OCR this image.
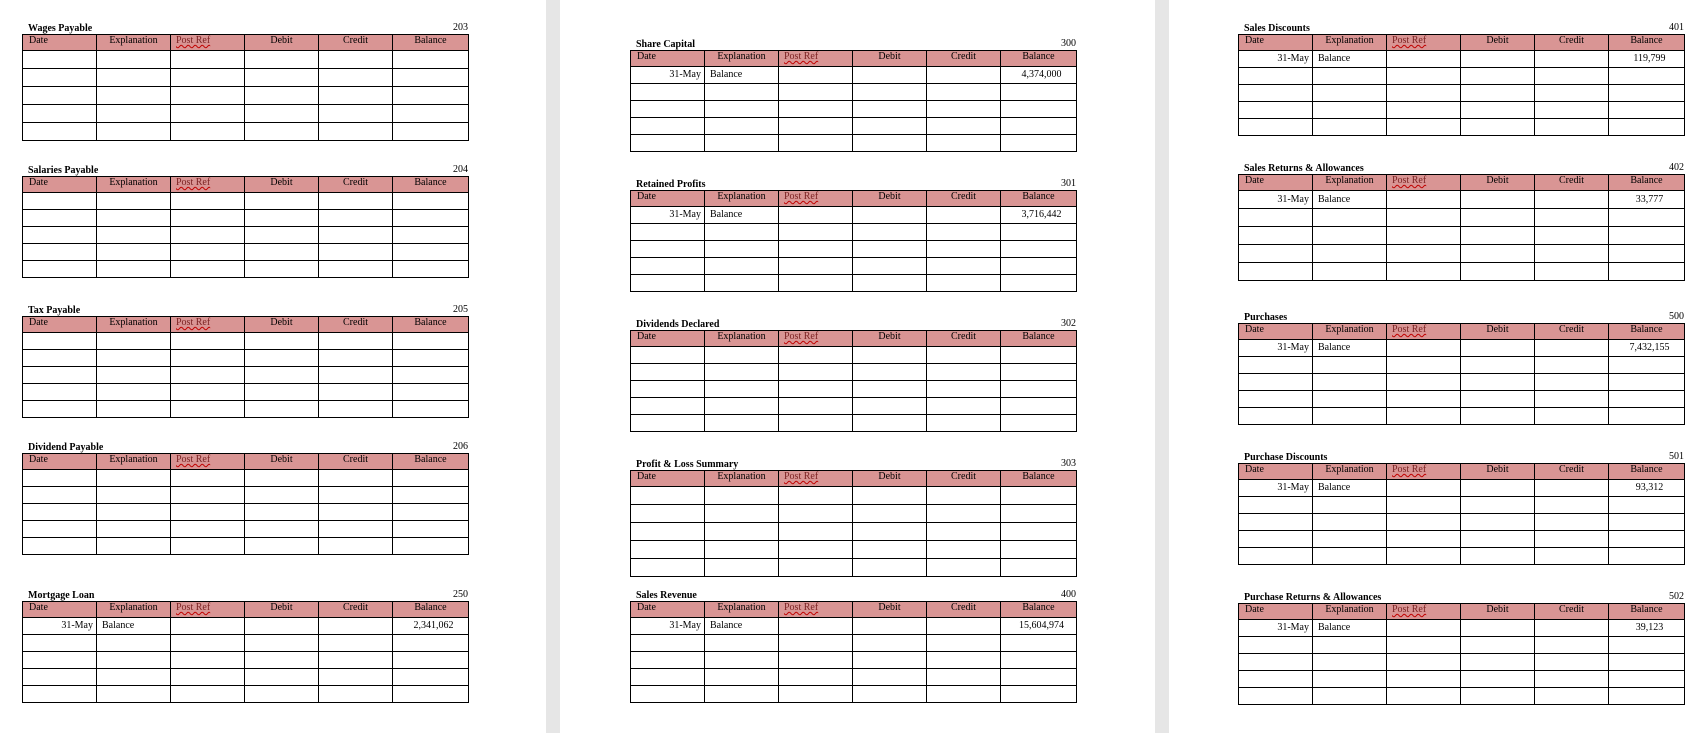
Wages Payable	203
Date	Explanation	Post Ref	Debit	Credit	Balance

Salaries Payable	204
Date	Explanation	Post Ref	Debit	Credit	Balance

Tax Payable	205
Date	Explanation	Post Ref	Debit	Credit	Balance

Dividend Payable	206
Date	Explanation	Post Ref	Debit	Credit	Balance

Mortgage Loan	250
Date	Explanation	Post Ref	Debit	Credit	Balance
31-May	Balance				2,341,062

Share Capital	300
Date	Explanation	Post Ref	Debit	Credit	Balance
31-May	Balance				4,374,000

Retained Profits	301
Date	Explanation	Post Ref	Debit	Credit	Balance
31-May	Balance				3,716,442

Dividends Declared	302
Date	Explanation	Post Ref	Debit	Credit	Balance

Profit & Loss Summary	303
Date	Explanation	Post Ref	Debit	Credit	Balance

Sales Revenue	400
Date	Explanation	Post Ref	Debit	Credit	Balance
31-May	Balance				15,604,974

Sales Discounts	401
Date	Explanation	Post Ref	Debit	Credit	Balance
31-May	Balance				119,799

Sales Returns & Allowances	402
Date	Explanation	Post Ref	Debit	Credit	Balance
31-May	Balance				33,777

Purchases	500
Date	Explanation	Post Ref	Debit	Credit	Balance
31-May	Balance				7,432,155

Purchase Discounts	501
Date	Explanation	Post Ref	Debit	Credit	Balance
31-May	Balance				93,312

Purchase Returns & Allowances	502
Date	Explanation	Post Ref	Debit	Credit	Balance
31-May	Balance				39,123
